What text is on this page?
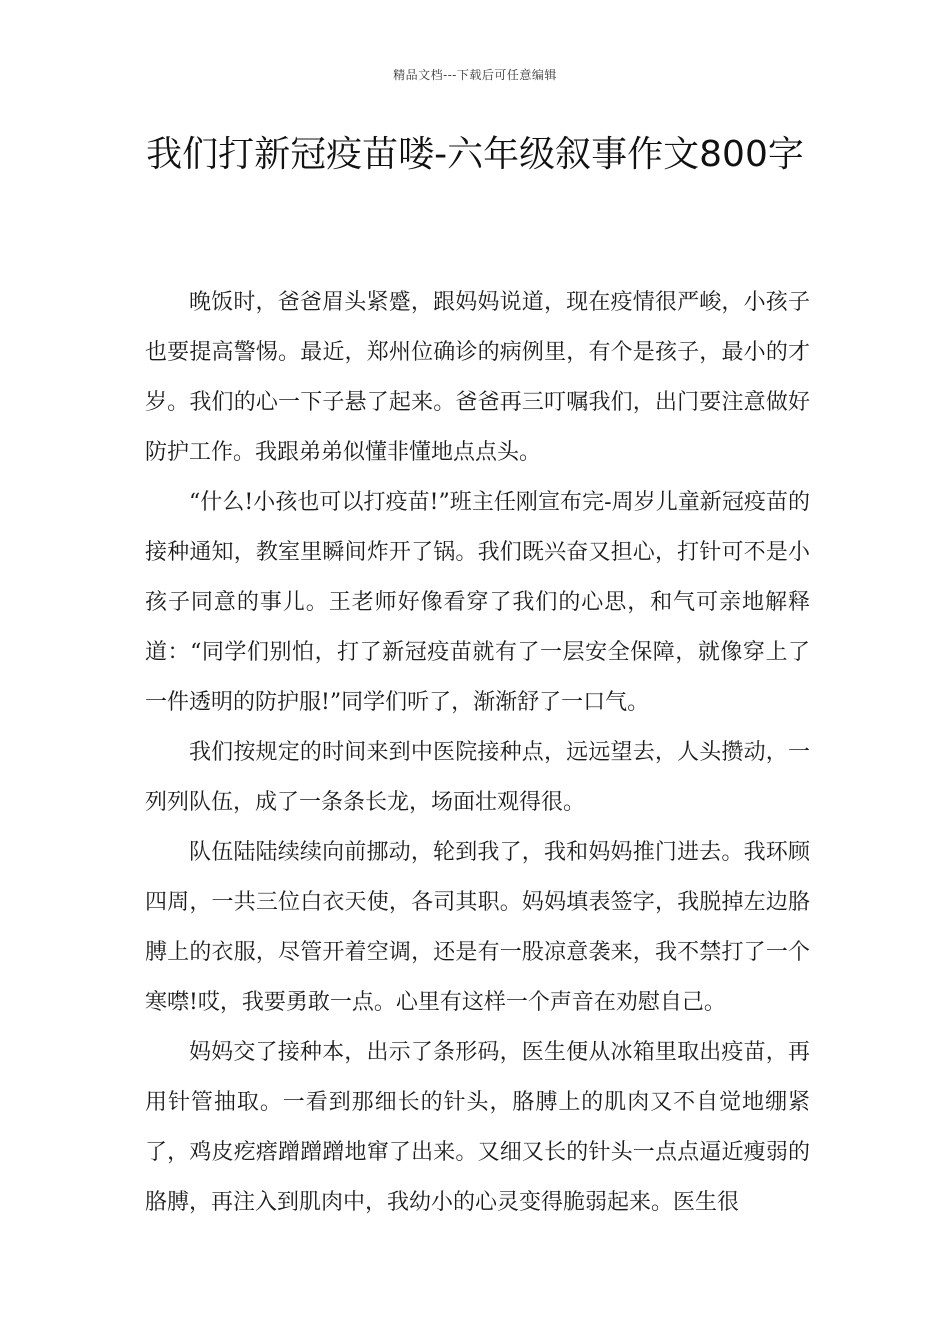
精品文档---下载后可任意编辑
我们打新冠疫苗喽-六年级叙事作文800字

晚饭时，爸爸眉头紧蹙，跟妈妈说道，现在疫情很严峻，小孩子也要提高警惕。最近，郑州位确诊的病例里，有个是孩子，最小的才岁。我们的心一下子悬了起来。爸爸再三叮嘱我们，出门要注意做好防护工作。我跟弟弟似懂非懂地点点头。

“什么!小孩也可以打疫苗!”班主任刚宣布完-周岁儿童新冠疫苗的接种通知，教室里瞬间炸开了锅。我们既兴奋又担心，打针可不是小孩子同意的事儿。王老师好像看穿了我们的心思，和气可亲地解释道：“同学们别怕，打了新冠疫苗就有了一层安全保障，就像穿上了一件透明的防护服!”同学们听了，渐渐舒了一口气。

我们按规定的时间来到中医院接种点，远远望去，人头攒动，一列列队伍，成了一条条长龙，场面壮观得很。

队伍陆陆续续向前挪动，轮到我了，我和妈妈推门进去。我环顾四周，一共三位白衣天使，各司其职。妈妈填表签字，我脱掉左边胳膊上的衣服，尽管开着空调，还是有一股凉意袭来，我不禁打了一个寒噤!哎，我要勇敢一点。心里有这样一个声音在劝慰自己。

妈妈交了接种本，出示了条形码，医生便从冰箱里取出疫苗，再用针管抽取。一看到那细长的针头，胳膊上的肌肉又不自觉地绷紧了，鸡皮疙瘩蹭蹭蹭地窜了出来。又细又长的针头一点点逼近瘦弱的胳膊，再注入到肌肉中，我幼小的心灵变得脆弱起来。医生很
